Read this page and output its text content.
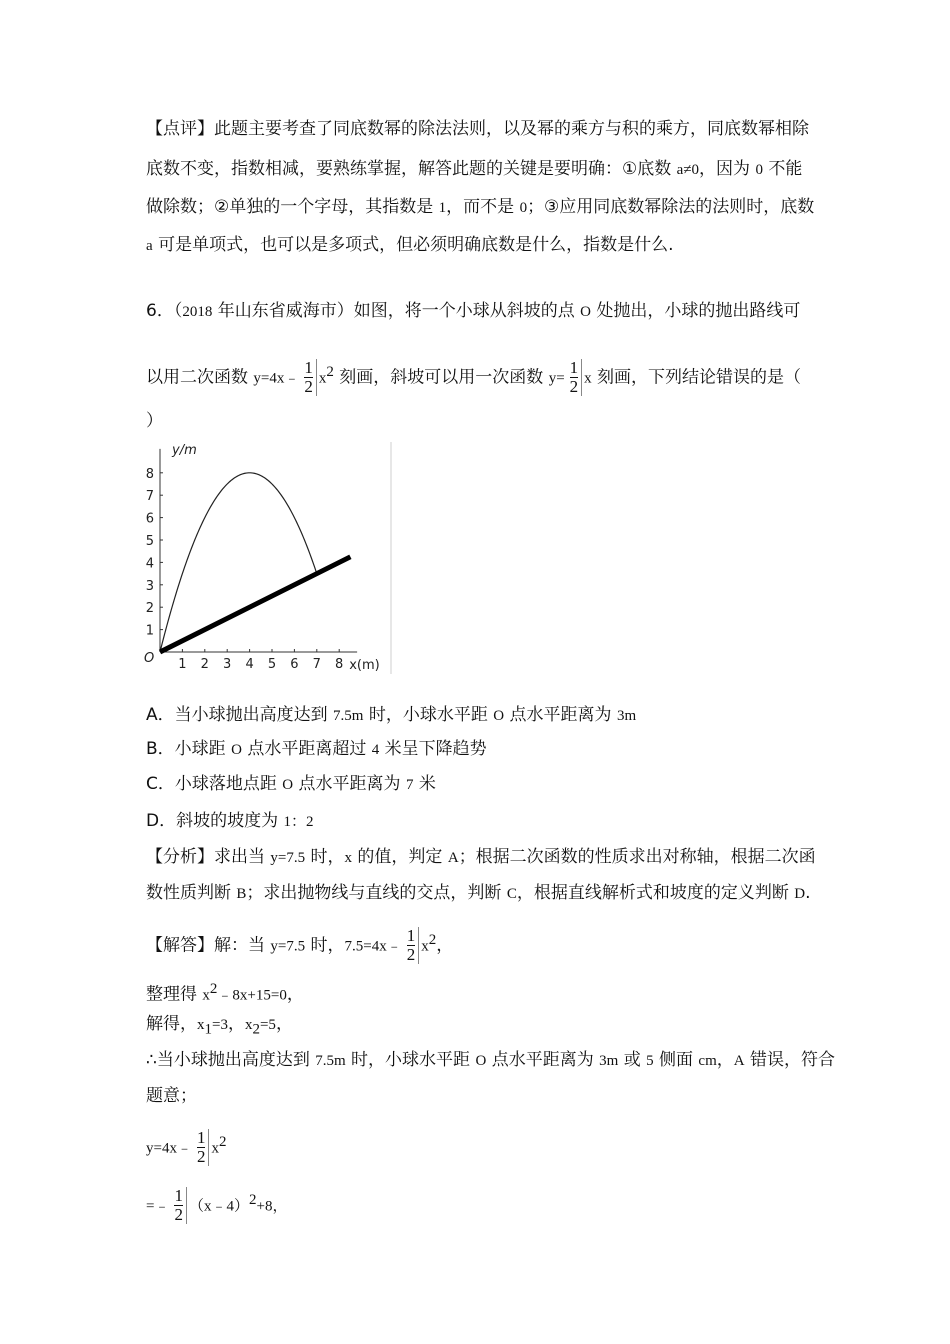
【点评】此题主要考查了同底数幂的除法法则，以及幂的乘方与积的乘方，同底数幂相除
底数不变，指数相减，要熟练掌握，解答此题的关键是要明确：①底数 a≠0，因为 0 不能
做除数；②单独的一个字母，其指数是 1，而不是 0；③应用同底数幂除法的法则时，底数
a 可是单项式，也可以是多项式，但必须明确底数是什么，指数是什么.
6．（2018 年山东省威海市）如图，将一个小球从斜坡的点 O 处抛出，小球的抛出路线可
以用二次函数 y=4x﹣ $\frac{1}{2} x^2$ 刻画，斜坡可以用一次函数 $y= \frac{1}{2}$ x 刻画，下列结论错误的是（
）
1 2 3 4 5 6 7 8
1
2
3
4
5
6
7
8
O
y/m
x(m)
A．当小球抛出高度达到 7.5m 时，小球水平距 O 点水平距离为 3m
B．小球距 O 点水平距离超过 4 米呈下降趋势
C．小球落地点距 O 点水平距离为 7 米
D．斜坡的坡度为 1：2
【分析】求出当 y=7.5 时，x 的值，判定 A；根据二次函数的性质求出对称轴，根据二次函
数性质判断 B；求出抛物线与直线的交点，判断 C，根据直线解析式和坡度的定义判断 D.
【解答】解：当 y=7.5 时，7.5=4x﹣ $\frac{1}{2} x^2$，
整理得 $x^2﹣8x+15=0$，
解得，$x_1=3$，$x_2=5$，
∴当小球抛出高度达到 7.5m 时，小球水平距 O 点水平距离为 3m 或 5 侧面 cm，A 错误，符合
题意；
y=4x﹣ $\frac{1}{2} x^2$
=﹣ $\frac{1}{2}$ （x﹣4）$^2$+8，
